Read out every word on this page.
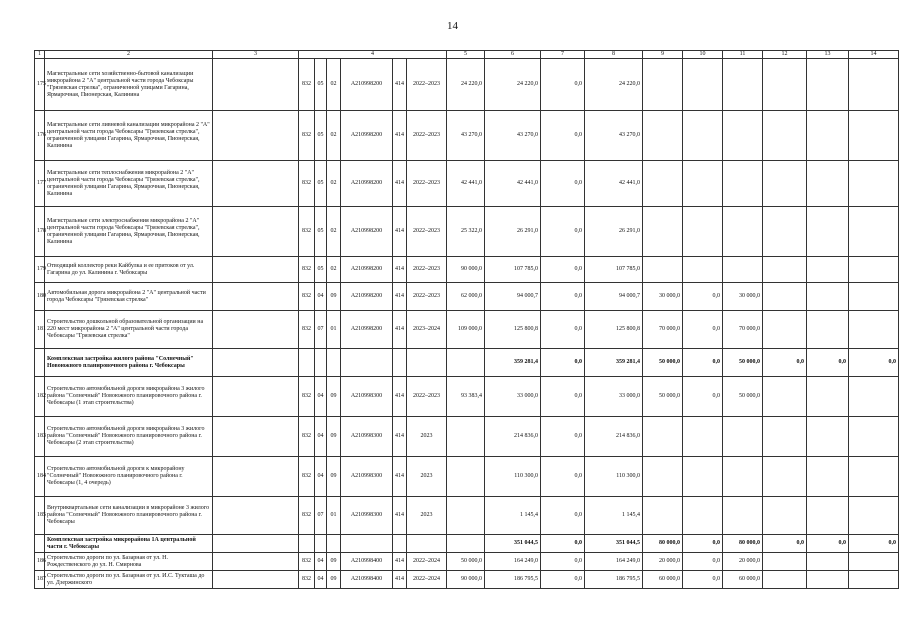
14
1	2	3	4						5	6	7	8	9	10	11	12	13	14
175	Магистральные сети хозяйственно-бытовой канализации микрорайона 2 "А" центральной части города Чебоксары "Грязевская стрелка", ограниченной улицами Гагарина, Ярмарочная, Пионерская, Калинина		832	05	02	А210998200	414	2022–2023	24 220,0	24 220,0	0,0	24 220,0						
176	Магистральные сети ливневой канализации микрорайона 2 "А" центральной части города Чебоксары "Грязевская стрелка", ограниченной улицами Гагарина, Ярмарочная, Пионерская, Калинина		832	05	02	А210998200	414	2022–2023	43 270,0	43 270,0	0,0	43 270,0						
177	Магистральные сети теплоснабжения микрорайона 2 "А" центральной части города Чебоксары "Грязевская стрелка", ограниченной улицами Гагарина, Ярмарочная, Пионерская, Калинина		832	05	02	А210998200	414	2022–2023	42 441,0	42 441,0	0,0	42 441,0						
178	Магистральные сети электроснабжения микрорайона 2 "А" центральной части города Чебоксары "Грязевская стрелка", ограниченной улицами Гагарина, Ярмарочная, Пионерская, Калинина		832	05	02	А210998200	414	2022–2023	25 322,0	26 291,0	0,0	26 291,0						
179	Отводящий коллектор реки Кайбулка и ее притоков от ул. Гагарина до ул. Калинина г. Чебоксары		832	05	02	А210998200	414	2022–2023	90 000,0	107 785,0	0,0	107 785,0						
180	Автомобильная дорога микрорайона 2 "А" центральной части города Чебоксары "Грязевская стрелка"		832	04	09	А210998200	414	2022–2023	62 000,0	94 000,7	0,0	94 000,7	30 000,0	0,0	30 000,0			
181	Строительство дошкольной образовательной организации на 220 мест микрорайона 2 "А" центральной части города Чебоксары "Грязевская стрелка"		832	07	01	А210998200	414	2023–2024	109 000,0	125 800,8	0,0	125 800,8	70 000,0	0,0	70 000,0			
	Комплексная застройка жилого района "Солнечный" Новоюжного планировочного района г. Чебоксары									359 281,4	0,0	359 281,4	50 000,0	0,0	50 000,0	0,0	0,0	0,0
182	Строительство автомобильной дороги микрорайона 3 жилого района "Солнечный" Новоюжного планировочного района г. Чебоксары (1 этап строительства)		832	04	09	А210998300	414	2022–2023	93 383,4	33 000,0	0,0	33 000,0	50 000,0	0,0	50 000,0			
183	Строительство автомобильной дороги микрорайона 3 жилого района "Солнечный" Новоюжного планировочного района г. Чебоксары (2 этап строительства)		832	04	09	А210998300	414	2023		214 836,0	0,0	214 836,0						
184	Строительство автомобильной дороги к микрорайону "Солнечный" Новоюжного планировочного района г. Чебоксары (1, 4 очередь)		832	04	09	А210998300	414	2023		110 300,0	0,0	110 300,0						
185	Внутриквартальные сети канализации в микрорайоне 3 жилого района "Солнечный" Новоюжного планировочного района г. Чебоксары		832	07	01	А210998300	414	2023		1 145,4	0,0	1 145,4						
	Комплексная застройка микрорайона 1А центральной части г. Чебоксары									351 044,5	0,0	351 044,5	80 000,0	0,0	80 000,0	0,0	0,0	0,0
186	Строительство дороги по ул. Базарная от ул. Н. Рождественского до ул. Н. Смирнова		832	04	09	А210998400	414	2022–2024	50 000,0	164 249,0	0,0	164 249,0	20 000,0	0,0	20 000,0			
187	Строительство дороги по ул. Базарная от ул. И.С. Тукташа до ул. Дзержинского		832	04	09	А210998400	414	2022–2024	90 000,0	186 795,5	0,0	186 795,5	60 000,0	0,0	60 000,0			
